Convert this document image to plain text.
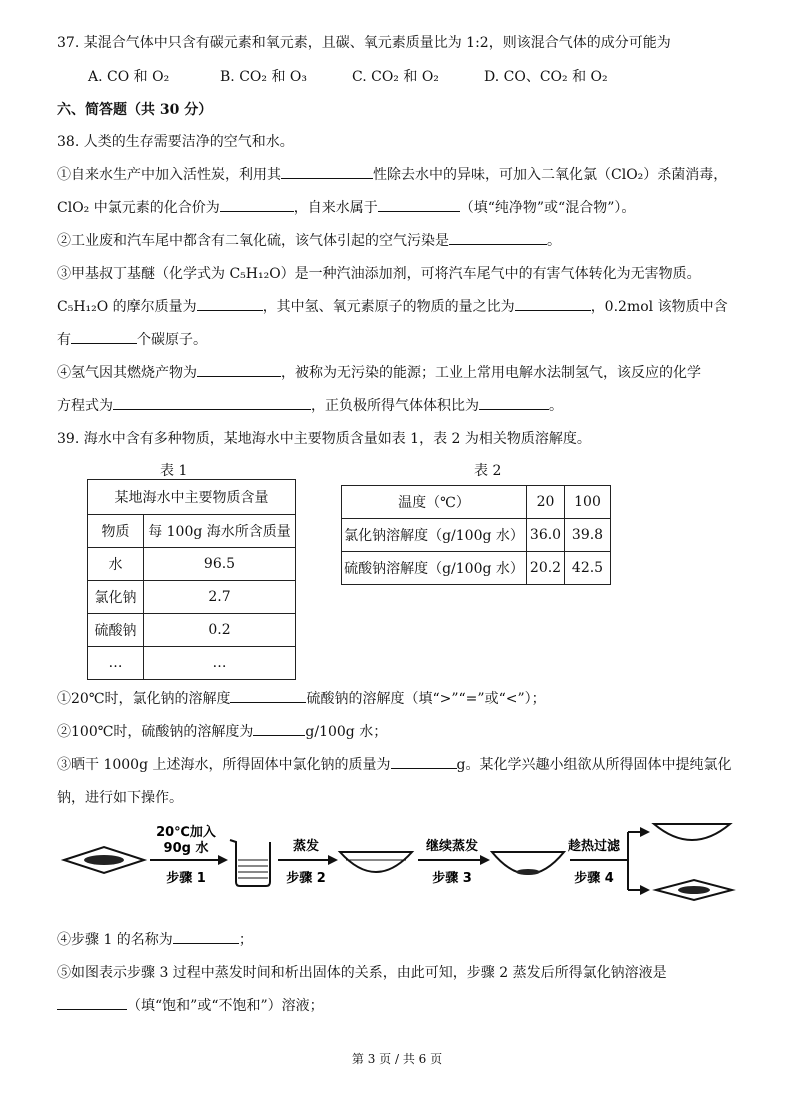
37. 某混合气体中只含有碳元素和氧元素，且碳、氧元素质量比为 1:2，则该混合气体的成分可能为
A. CO 和 O₂	B. CO₂ 和 O₃	C. CO₂ 和 O₂	D. CO、CO₂ 和 O₂
六、简答题（共 30 分）
38. 人类的生存需要洁净的空气和水。
①自来水生产中加入活性炭，利用其	性除去水中的异味，可加入二氧化氯（ClO₂）杀菌消毒，
ClO₂ 中氯元素的化合价为	，自来水属于	（填“纯净物”或“混合物”）。
②工业废和汽车尾中都含有二氧化硫，该气体引起的空气污染是	。
③甲基叔丁基醚（化学式为 C₅H₁₂O）是一种汽油添加剂，可将汽车尾气中的有害气体转化为无害物质。
C₅H₁₂O 的摩尔质量为	，其中氢、氧元素原子的物质的量之比为	，0.2mol 该物质中含
有	个碳原子。
④氢气因其燃烧产物为	，被称为无污染的能源；工业上常用电解水法制氢气，该反应的化学
方程式为	，正负极所得气体体积比为	。
39. 海水中含有多种物质，某地海水中主要物质含量如表 1，表 2 为相关物质溶解度。
表 1	表 2
某地海水中主要物质含量	
物质	每 100g 海水所含质量
水	96.5
氯化钠	2.7
硫酸钠	0.2
…	…
温度（℃）	20	100
氯化钠溶解度（g/100g 水）	36.0	39.8
硫酸钠溶解度（g/100g 水）	20.2	42.5
①20℃时，氯化钠的溶解度	硫酸钠的溶解度（填“>”“=”或“<”）；
②100℃时，硫酸钠的溶解度为	g/100g 水；
③晒干 1000g 上述海水，所得固体中氯化钠的质量为	g。某化学兴趣小组欲从所得固体中提纯氯化
钠，进行如下操作。
20℃加入
90g 水
步骤 1
蒸发
步骤 2
继续蒸发
步骤 3
趁热过滤
步骤 4
④步骤 1 的名称为	；
⑤如图表示步骤 3 过程中蒸发时间和析出固体的关系，由此可知，步骤 2 蒸发后所得氯化钠溶液是
（填“饱和”或“不饱和”）溶液；
第 3 页 / 共 6 页
